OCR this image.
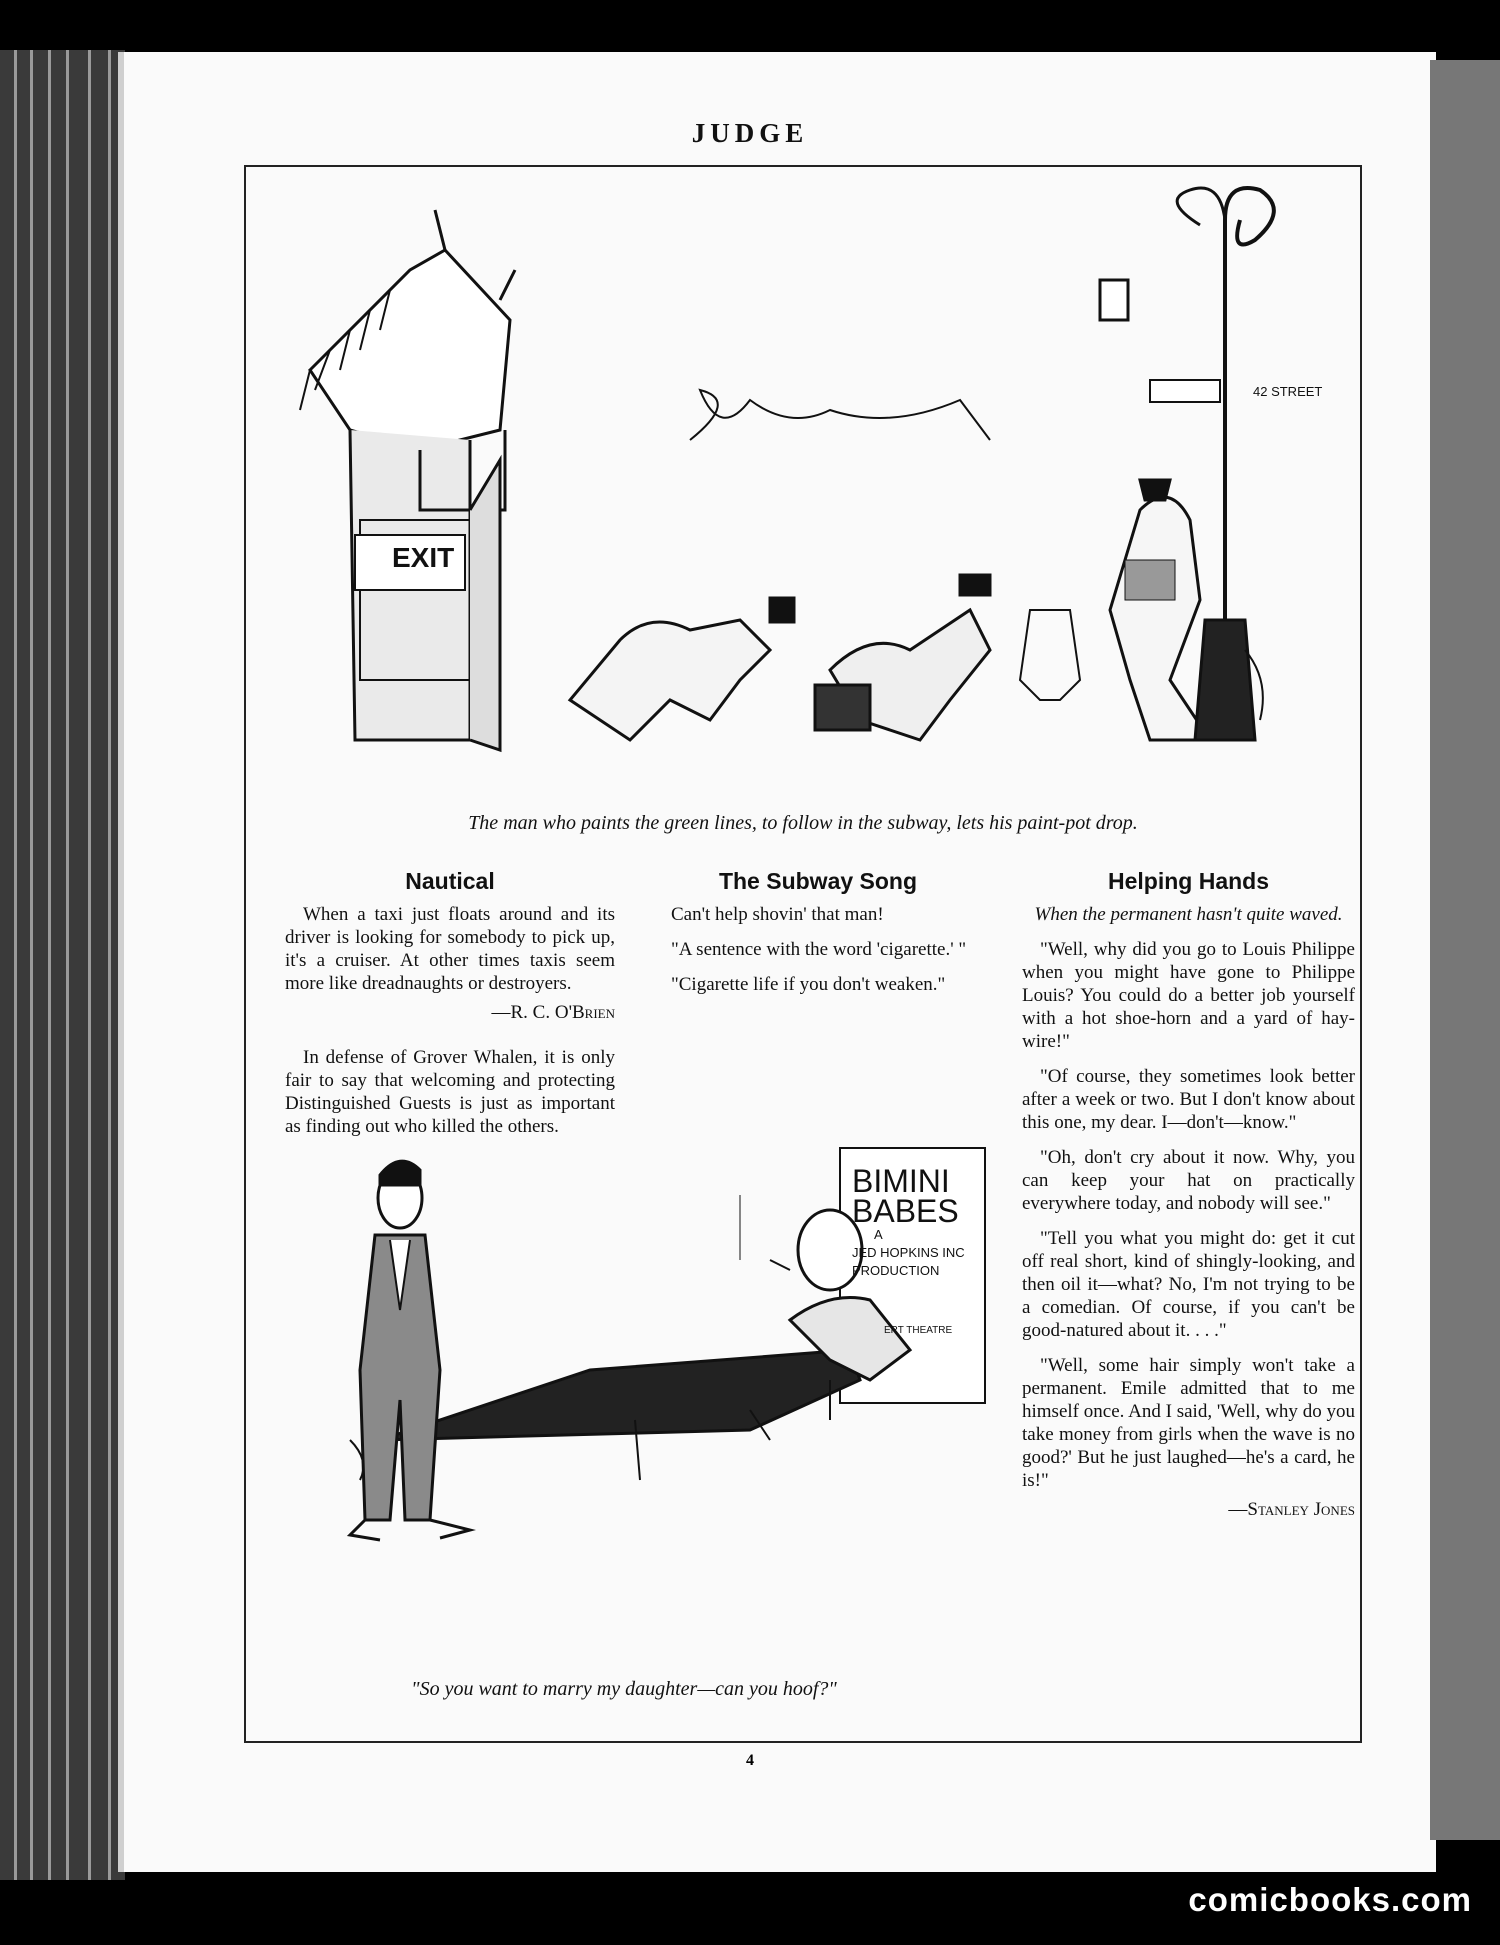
JUDGE
EXIT
42 STREET
The man who paints the green lines, to follow in the subway, lets his paint-pot drop.
Nautical

When a taxi just floats around and its driver is looking for somebody to pick up, it's a cruiser. At other times taxis seem more like dreadnaughts or destroyers.

—R. C. O'Brien

In defense of Grover Whalen, it is only fair to say that welcoming and protecting Distinguished Guests is just as important as finding out who killed the others.

The Subway Song

Can't help shovin' that man!

"A sentence with the word 'cigarette.' "

"Cigarette life if you don't weaken."

Helping Hands

When the permanent hasn't quite waved.

"Well, why did you go to Louis Philippe when you might have gone to Philippe Louis? You could do a better job yourself with a hot shoe-horn and a yard of hay-wire!"

"Of course, they sometimes look better after a week or two. But I don't know about this one, my dear. I—don't—know."

"Oh, don't cry about it now. Why, you can keep your hat on practically everywhere today, and nobody will see."

"Tell you what you might do: get it cut off real short, kind of shingly-looking, and then oil it—what? No, I'm not trying to be a comedian. Of course, if you can't be good-natured about it. . . ."

"Well, some hair simply won't take a permanent. Emile admitted that to me himself once. And I said, 'Well, why do you take money from girls when the wave is no good?' But he just laughed—he's a card, he is!"

—Stanley Jones

BIMINI
BABES
A
JED HOPKINS INC
PRODUCTION
ERT THEATRE
"So you want to marry my daughter—can you hoof?"
4
comicbooks.com
